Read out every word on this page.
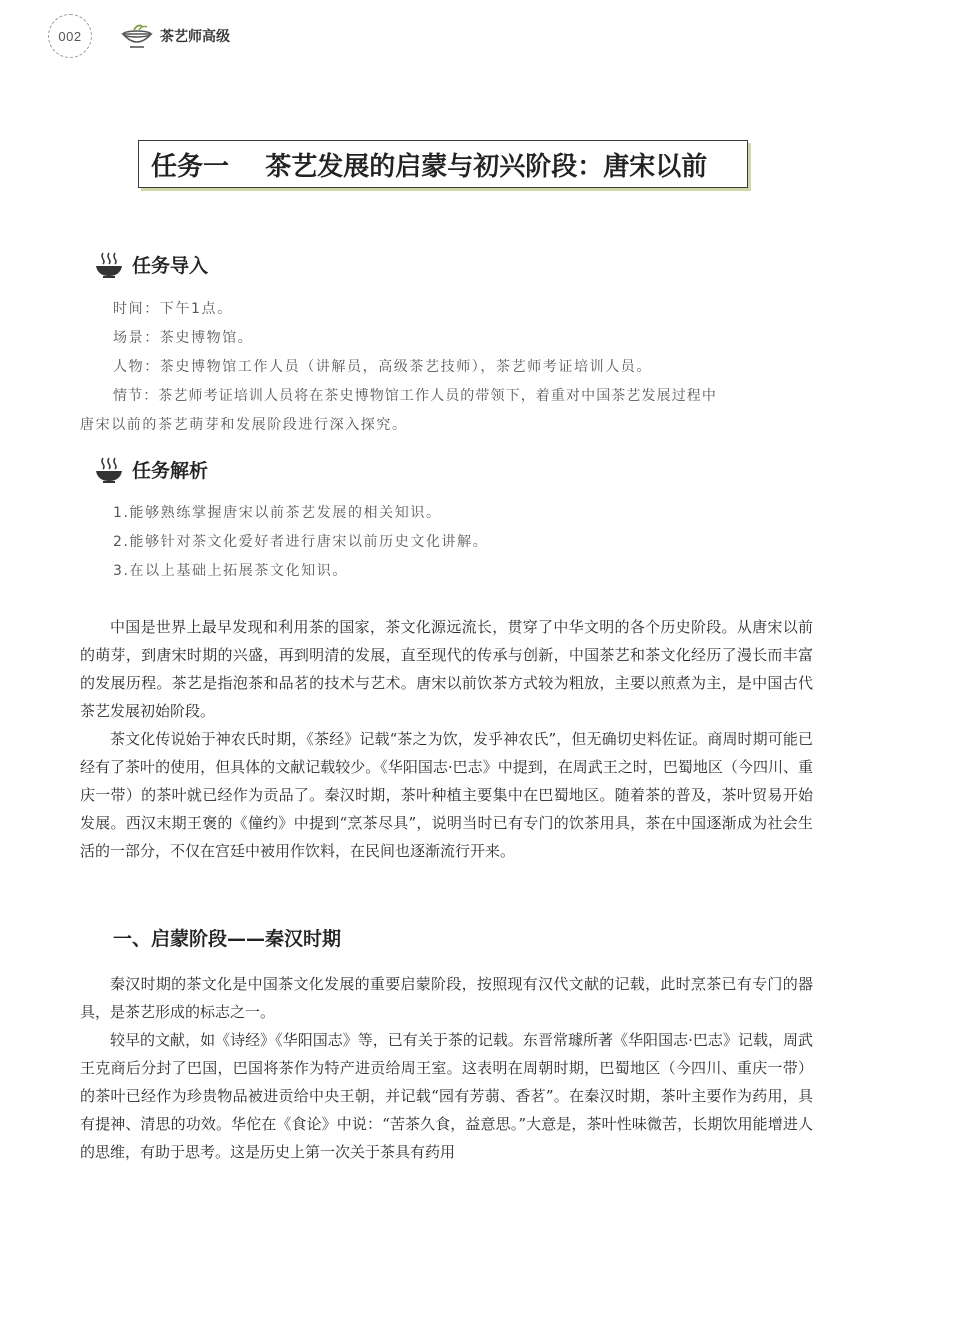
002	茶艺师高级
任务一    茶艺发展的启蒙与初兴阶段：唐宋以前
任务导入
时间：下午1点。
场景：茶史博物馆。
人物：茶史博物馆工作人员（讲解员，高级茶艺技师），茶艺师考证培训人员。
情节：茶艺师考证培训人员将在茶史博物馆工作人员的带领下，着重对中国茶艺发展过程中
唐宋以前的茶艺萌芽和发展阶段进行深入探究。
任务解析
1.能够熟练掌握唐宋以前茶艺发展的相关知识。
2.能够针对茶文化爱好者进行唐宋以前历史文化讲解。
3.在以上基础上拓展茶文化知识。

中国是世界上最早发现和利用茶的国家，茶文化源远流长，贯穿了中华文明的各个历史阶段。从唐宋以前的萌芽，到唐宋时期的兴盛，再到明清的发展，直至现代的传承与创新，中国茶艺和茶文化经历了漫长而丰富的发展历程。茶艺是指泡茶和品茗的技术与艺术。唐宋以前饮茶方式较为粗放，主要以煎煮为主，是中国古代茶艺发展初始阶段。

茶文化传说始于神农氏时期，《茶经》记载“茶之为饮，发乎神农氏”，但无确切史料佐证。商周时期可能已经有了茶叶的使用，但具体的文献记载较少。《华阳国志·巴志》中提到，在周武王之时，巴蜀地区（今四川、重庆一带）的茶叶就已经作为贡品了。秦汉时期，茶叶种植主要集中在巴蜀地区。随着茶的普及，茶叶贸易开始发展。西汉末期王褒的《僮约》中提到“烹茶尽具”，说明当时已有专门的饮茶用具，茶在中国逐渐成为社会生活的一部分，不仅在宫廷中被用作饮料，在民间也逐渐流行开来。

一、启蒙阶段——秦汉时期

秦汉时期的茶文化是中国茶文化发展的重要启蒙阶段，按照现有汉代文献的记载，此时烹茶已有专门的器具，是茶艺形成的标志之一。

较早的文献，如《诗经》《华阳国志》等，已有关于茶的记载。东晋常璩所著《华阳国志·巴志》记载，周武王克商后分封了巴国，巴国将茶作为特产进贡给周王室。这表明在周朝时期，巴蜀地区（今四川、重庆一带）的茶叶已经作为珍贵物品被进贡给中央王朝，并记载“园有芳蒻、香茗”。在秦汉时期，茶叶主要作为药用，具有提神、清思的功效。华佗在《食论》中说：“苦茶久食，益意思。”大意是，茶叶性味微苦，长期饮用能增进人的思维，有助于思考。这是历史上第一次关于茶具有药用
